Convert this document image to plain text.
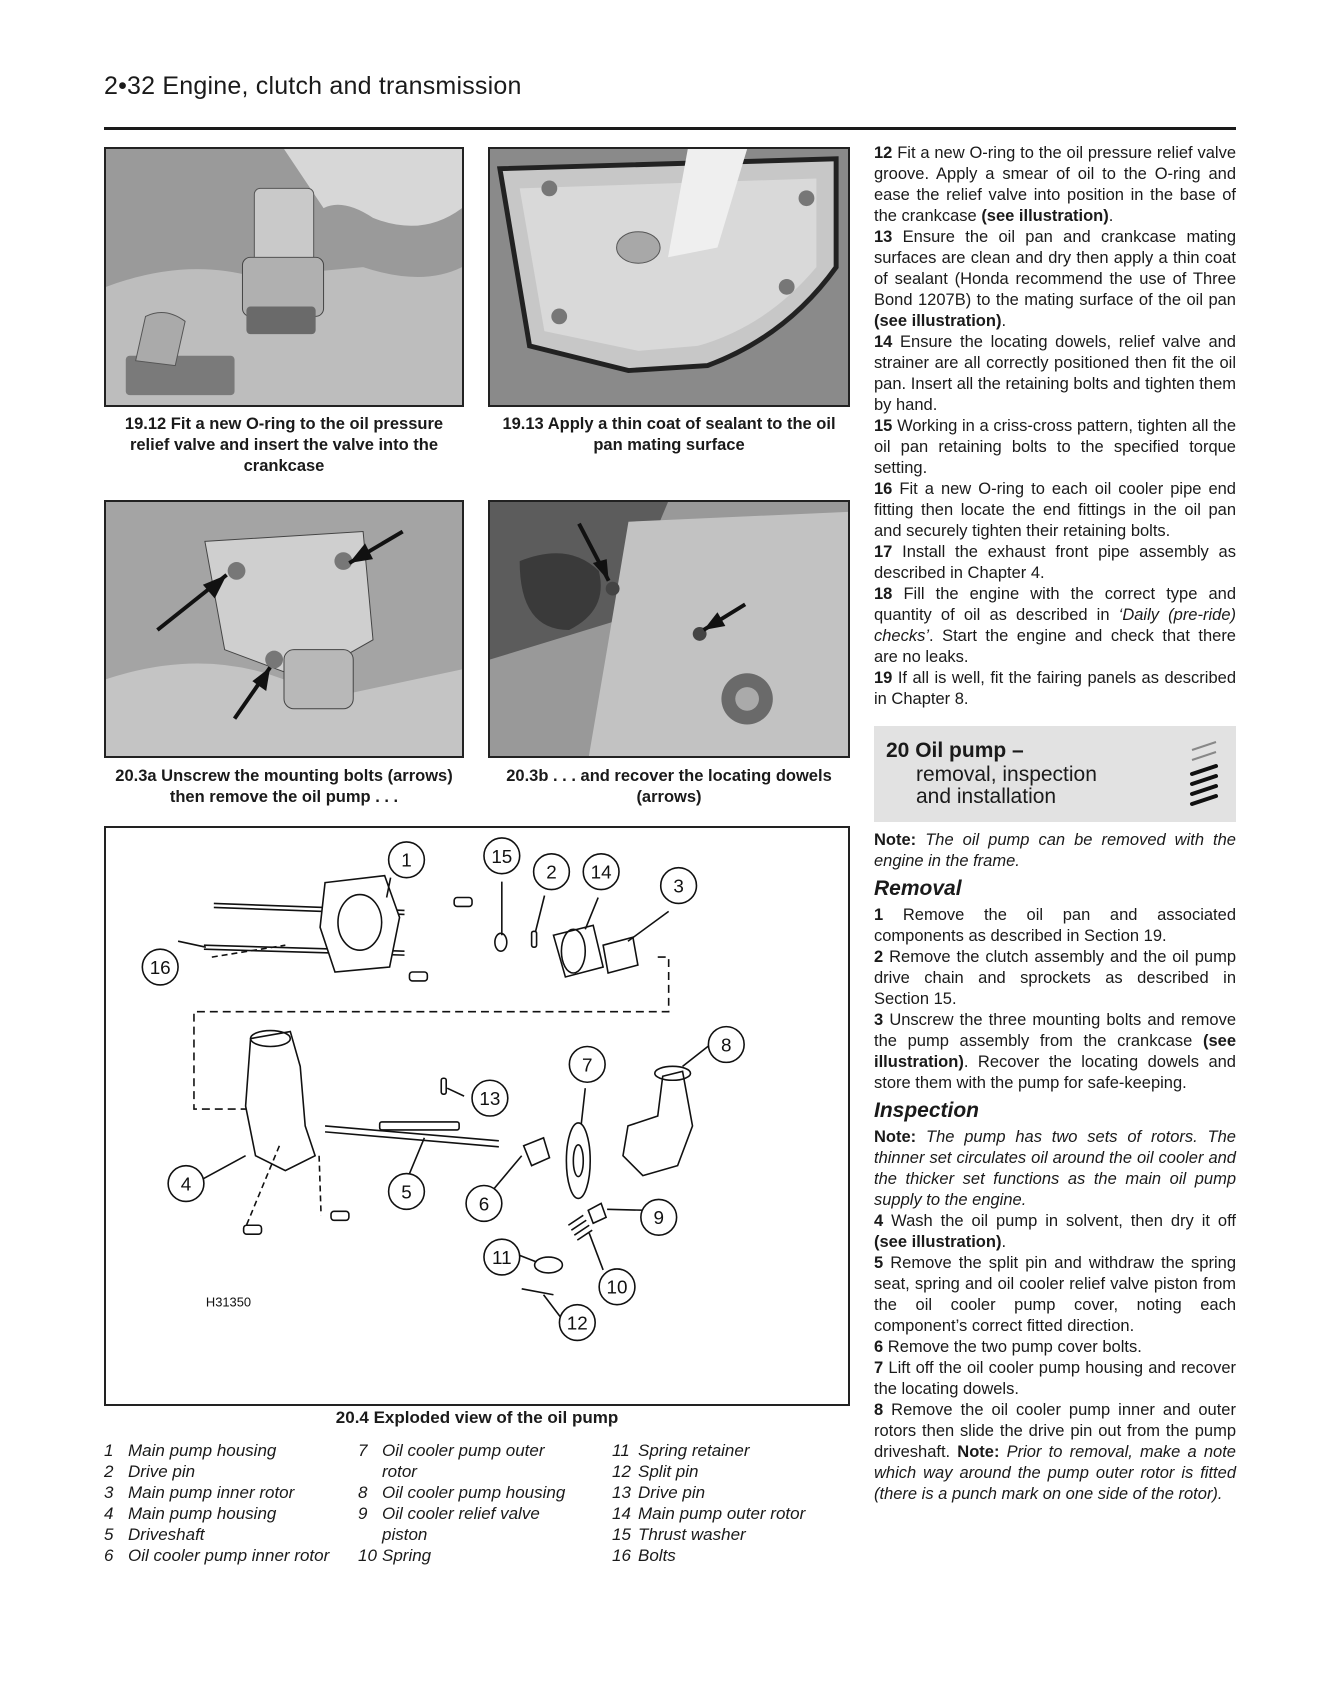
2•32 Engine, clutch and transmission
19.12 Fit a new O-ring to the oil pressure relief valve and insert the valve into the crankcase
19.13 Apply a thin coat of sealant to the oil pan mating surface
20.3a Unscrew the mounting bolts (arrows) then remove the oil pump . . .
20.3b . . . and recover the locating dowels (arrows)
1	15
2 14
3
16
8
7
13
4	5
6
9
11
10
12
H31350
20.4 Exploded view of the oil pump
1 Main pump housing
2 Drive pin
3 Main pump inner rotor
4 Main pump housing
5 Driveshaft
6 Oil cooler pump inner rotor
7 Oil cooler pump outer
rotor
8 Oil cooler pump housing
9 Oil cooler relief valve
piston
10 Spring
11 Spring retainer
12 Split pin
13 Drive pin
14 Main pump outer rotor
15 Thrust washer
16 Bolts

12 Fit a new O-ring to the oil pressure relief valve groove. Apply a smear of oil to the O-ring and ease the relief valve into position in the base of the crankcase (see illustration).

13 Ensure the oil pan and crankcase mating surfaces are clean and dry then apply a thin coat of sealant (Honda recommend the use of Three Bond 1207B) to the mating surface of the oil pan (see illustration).

14 Ensure the locating dowels, relief valve and strainer are all correctly positioned then fit the oil pan. Insert all the retaining bolts and tighten them by hand.

15 Working in a criss-cross pattern, tighten all the oil pan retaining bolts to the specified torque setting.

16 Fit a new O-ring to each oil cooler pipe end fitting then locate the end fittings in the oil pan and securely tighten their retaining bolts.

17 Install the exhaust front pipe assembly as described in Chapter 4.

18 Fill the engine with the correct type and quantity of oil as described in ‘Daily (pre-ride) checks’. Start the engine and check that there are no leaks.

19 If all is well, fit the fairing panels as described in Chapter 8.

20 Oil pump –
removal, inspection
and installation

Note: The oil pump can be removed with the engine in the frame.

Removal

1 Remove the oil pan and associated components as described in Section 19.

2 Remove the clutch assembly and the oil pump drive chain and sprockets as described in Section 15.

3 Unscrew the three mounting bolts and remove the pump assembly from the crankcase (see illustration). Recover the locating dowels and store them with the pump for safe-keeping.

Inspection

Note: The pump has two sets of rotors. The thinner set circulates oil around the oil cooler and the thicker set functions as the main oil pump supply to the engine.

4 Wash the oil pump in solvent, then dry it off (see illustration).

5 Remove the split pin and withdraw the spring seat, spring and oil cooler relief valve piston from the oil cooler pump cover, noting each component’s correct fitted direction.

6 Remove the two pump cover bolts.

7 Lift off the oil cooler pump housing and recover the locating dowels.

8 Remove the oil cooler pump inner and outer rotors then slide the drive pin out from the pump driveshaft. Note: Prior to removal, make a note which way around the pump outer rotor is fitted (there is a punch mark on one side of the rotor).
